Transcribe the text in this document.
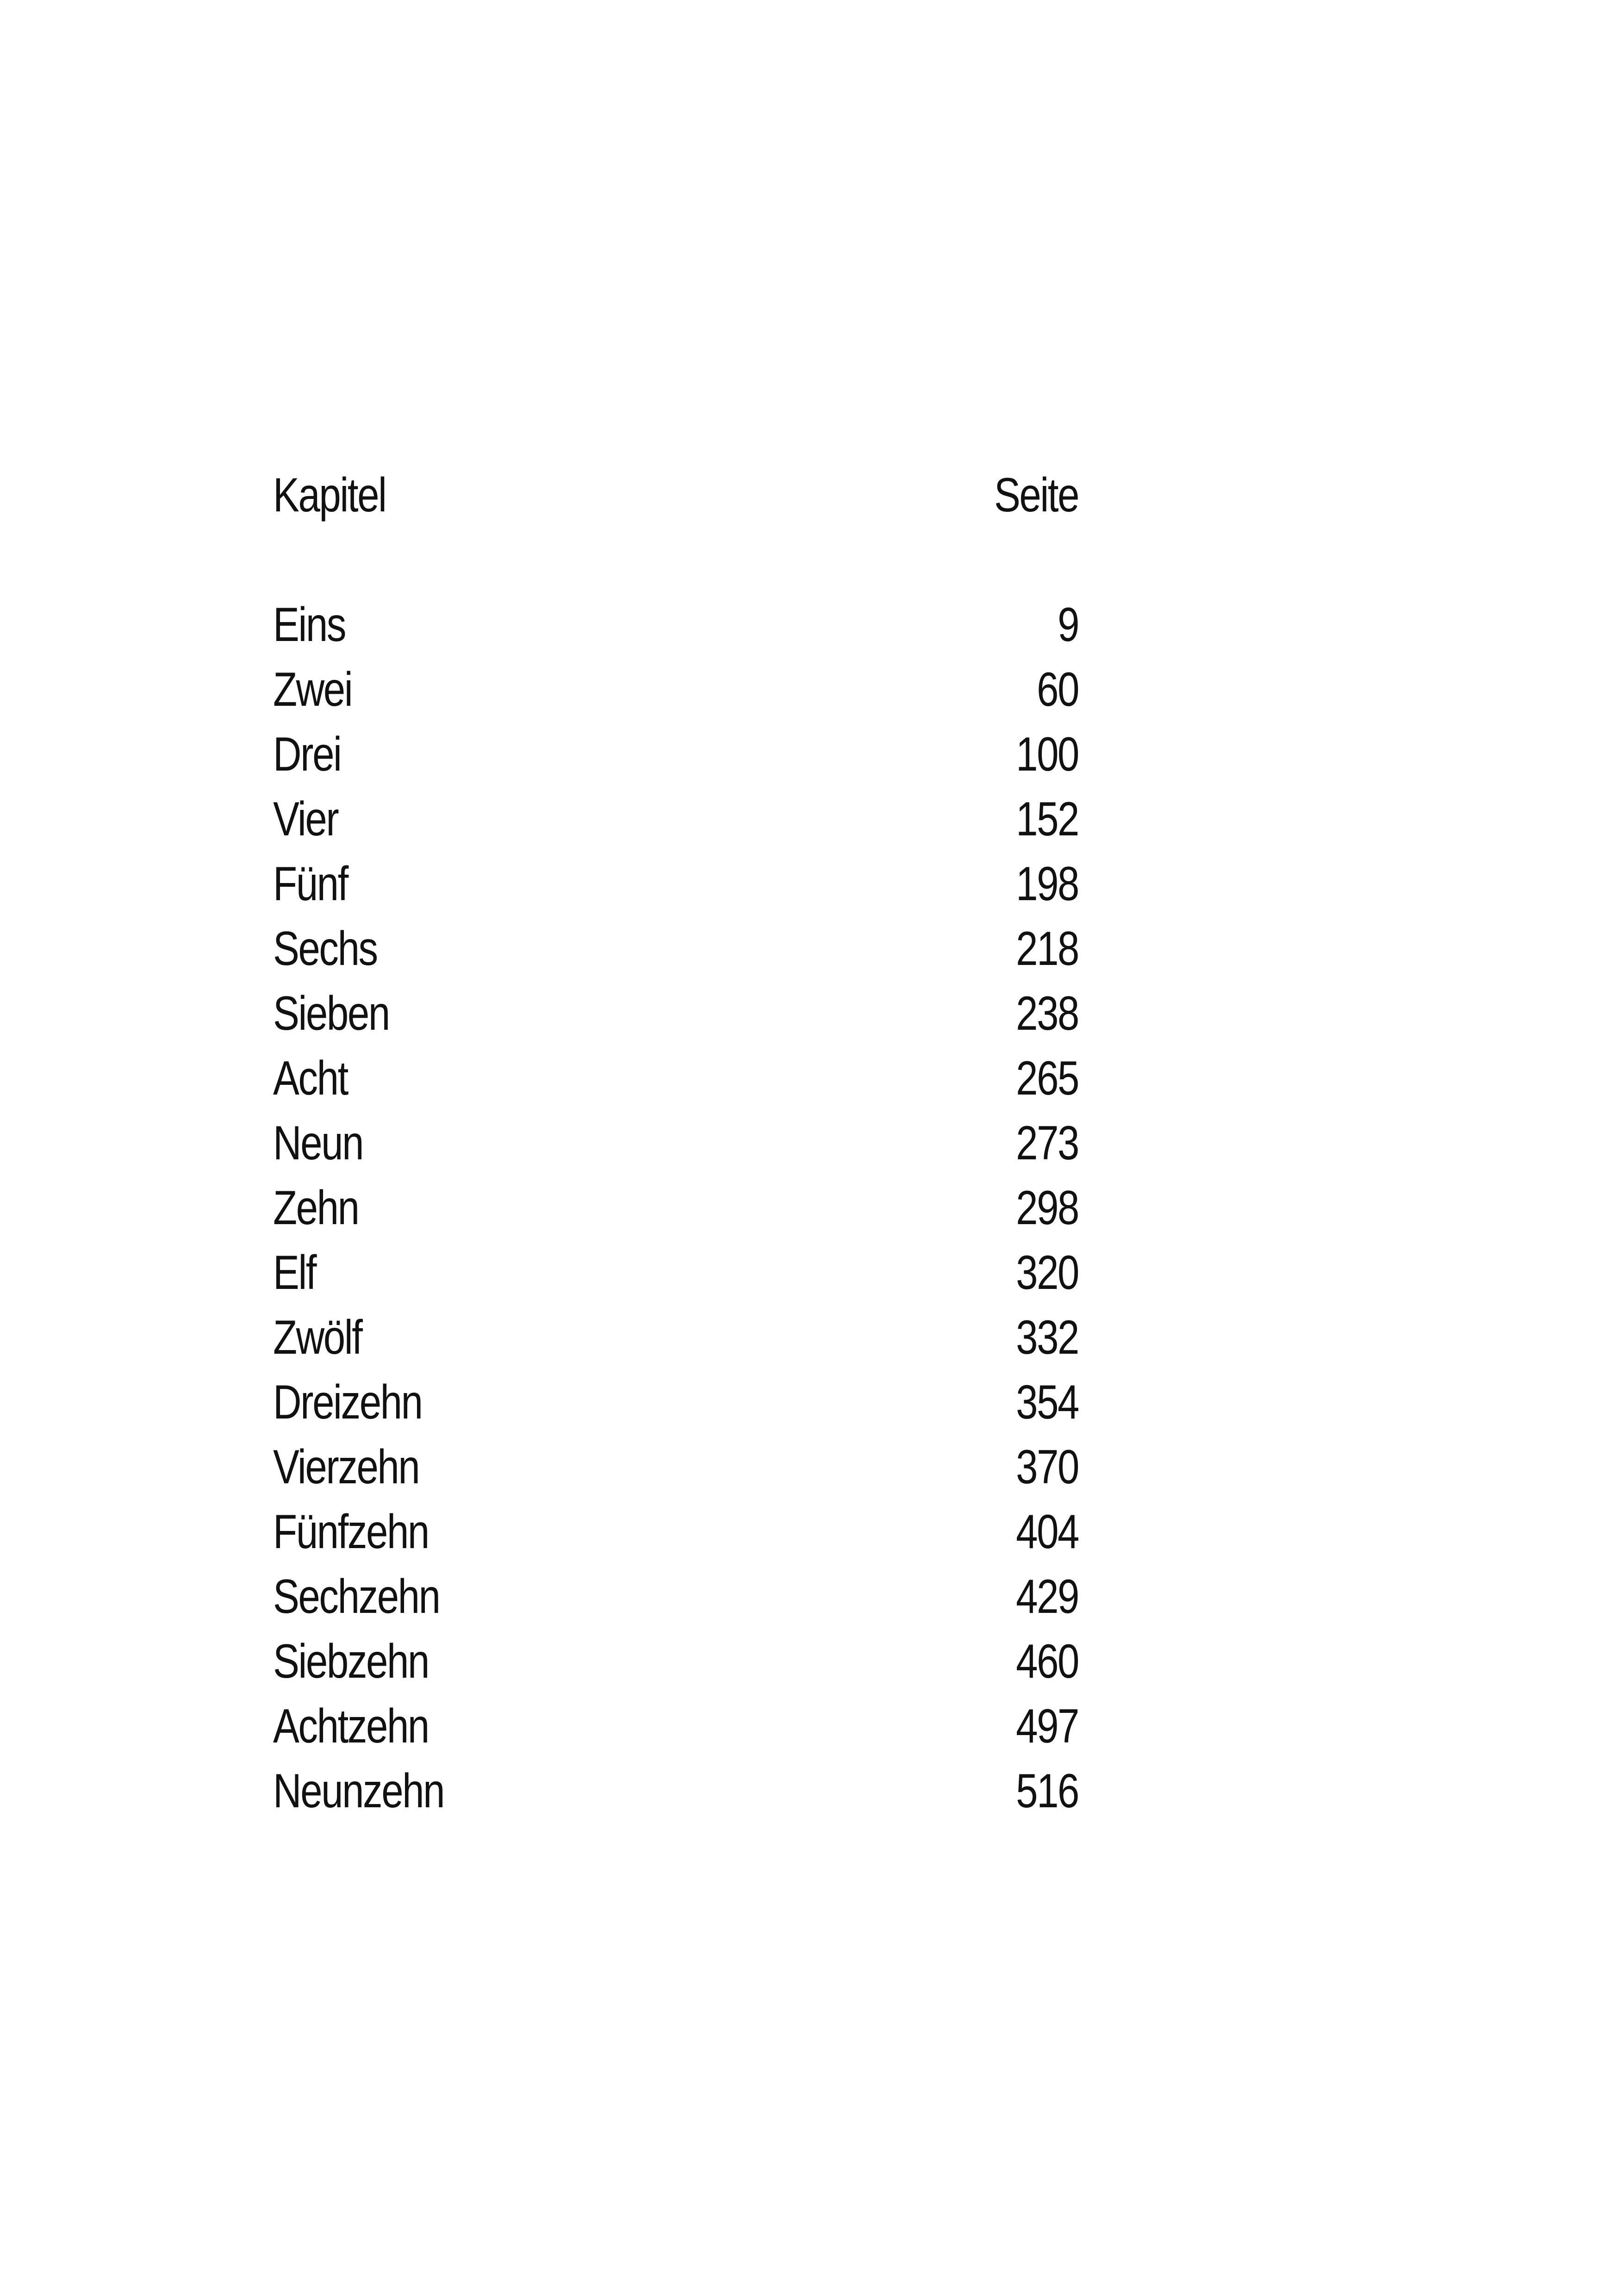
Kapitel	Seite
Eins	9
Zwei	60
Drei	100
Vier	152
Fünf	198
Sechs	218
Sieben	238
Acht	265
Neun	273
Zehn	298
Elf	320
Zwölf	332
Dreizehn	354
Vierzehn	370
Fünfzehn	404
Sechzehn	429
Siebzehn	460
Achtzehn	497
Neunzehn	516
